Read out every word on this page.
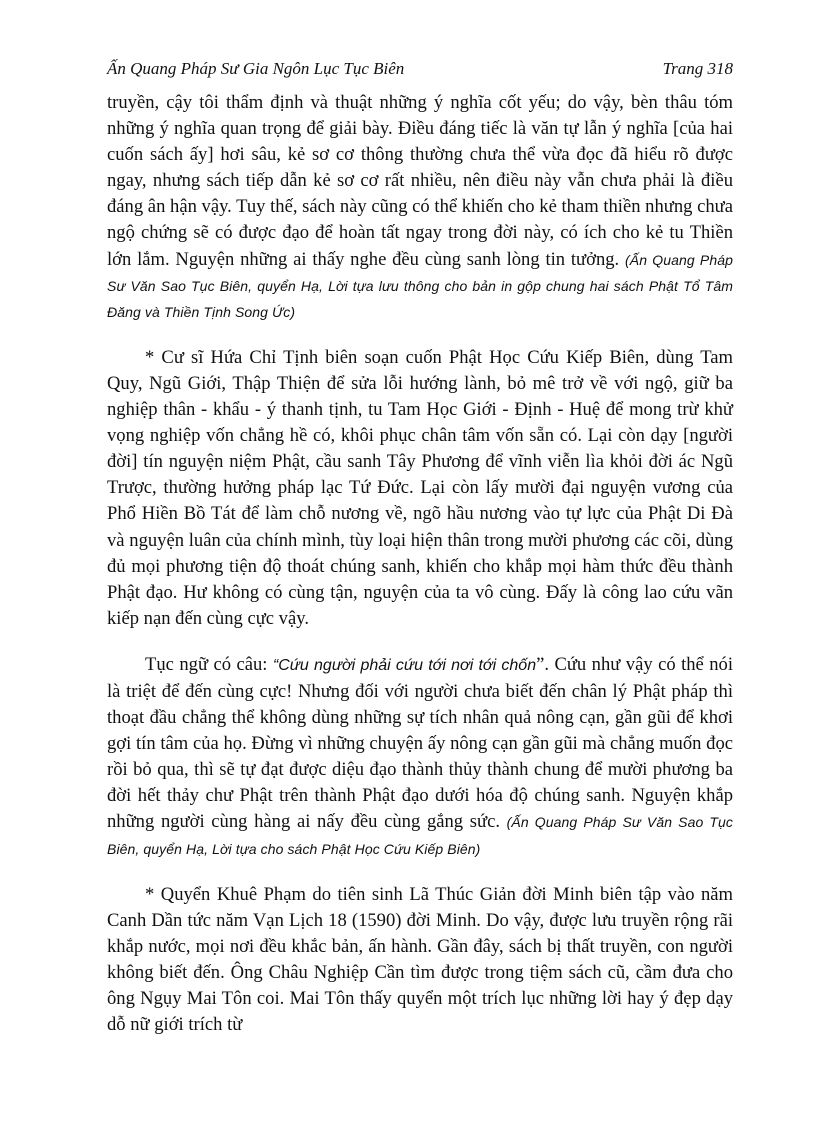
Ấn Quang Pháp Sư Gia Ngôn Lục Tục Biên	Trang 318

truyền, cậy tôi thẩm định và thuật những ý nghĩa cốt yếu; do vậy, bèn thâu tóm những ý nghĩa quan trọng để giải bày. Điều đáng tiếc là văn tự lẫn ý nghĩa [của hai cuốn sách ấy] hơi sâu, kẻ sơ cơ thông thường chưa thể vừa đọc đã hiểu rõ được ngay, nhưng sách tiếp dẫn kẻ sơ cơ rất nhiều, nên điều này vẫn chưa phải là điều đáng ân hận vậy. Tuy thế, sách này cũng có thể khiến cho kẻ tham thiền nhưng chưa ngộ chứng sẽ có được đạo để hoàn tất ngay trong đời này, có ích cho kẻ tu Thiền lớn lắm. Nguyện những ai thấy nghe đều cùng sanh lòng tin tưởng. (Ấn Quang Pháp Sư Văn Sao Tục Biên, quyển Hạ, Lời tựa lưu thông cho bản in gộp chung hai sách Phật Tổ Tâm Đăng và Thiền Tịnh Song Ức)

* Cư sĩ Hứa Chỉ Tịnh biên soạn cuốn Phật Học Cứu Kiếp Biên, dùng Tam Quy, Ngũ Giới, Thập Thiện để sửa lỗi hướng lành, bỏ mê trở về với ngộ, giữ ba nghiệp thân - khẩu - ý thanh tịnh, tu Tam Học Giới - Định - Huệ để mong trừ khử vọng nghiệp vốn chẳng hề có, khôi phục chân tâm vốn sẵn có. Lại còn dạy [người đời] tín nguyện niệm Phật, cầu sanh Tây Phương để vĩnh viễn lìa khỏi đời ác Ngũ Trược, thường hưởng pháp lạc Tứ Đức. Lại còn lấy mười đại nguyện vương của Phổ Hiền Bồ Tát để làm chỗ nương về, ngõ hầu nương vào tự lực của Phật Di Đà và nguyện luân của chính mình, tùy loại hiện thân trong mười phương các cõi, dùng đủ mọi phương tiện độ thoát chúng sanh, khiến cho khắp mọi hàm thức đều thành Phật đạo. Hư không có cùng tận, nguyện của ta vô cùng. Đấy là công lao cứu vãn kiếp nạn đến cùng cực vậy.

Tục ngữ có câu: “Cứu người phải cứu tới nơi tới chốn”. Cứu như vậy có thể nói là triệt để đến cùng cực! Nhưng đối với người chưa biết đến chân lý Phật pháp thì thoạt đầu chẳng thể không dùng những sự tích nhân quả nông cạn, gần gũi để khơi gợi tín tâm của họ. Đừng vì những chuyện ấy nông cạn gần gũi mà chẳng muốn đọc rồi bỏ qua, thì sẽ tự đạt được diệu đạo thành thủy thành chung để mười phương ba đời hết thảy chư Phật trên thành Phật đạo dưới hóa độ chúng sanh. Nguyện khắp những người cùng hàng ai nấy đều cùng gắng sức. (Ấn Quang Pháp Sư Văn Sao Tục Biên, quyển Hạ, Lời tựa cho sách Phật Học Cứu Kiếp Biên)

* Quyển Khuê Phạm do tiên sinh Lã Thúc Giản đời Minh biên tập vào năm Canh Dần tức năm Vạn Lịch 18 (1590) đời Minh. Do vậy, được lưu truyền rộng rãi khắp nước, mọi nơi đều khắc bản, ấn hành. Gần đây, sách bị thất truyền, con người không biết đến. Ông Châu Nghiệp Cần tìm được trong tiệm sách cũ, cầm đưa cho ông Ngụy Mai Tôn coi. Mai Tôn thấy quyển một trích lục những lời hay ý đẹp dạy dỗ nữ giới trích từ
